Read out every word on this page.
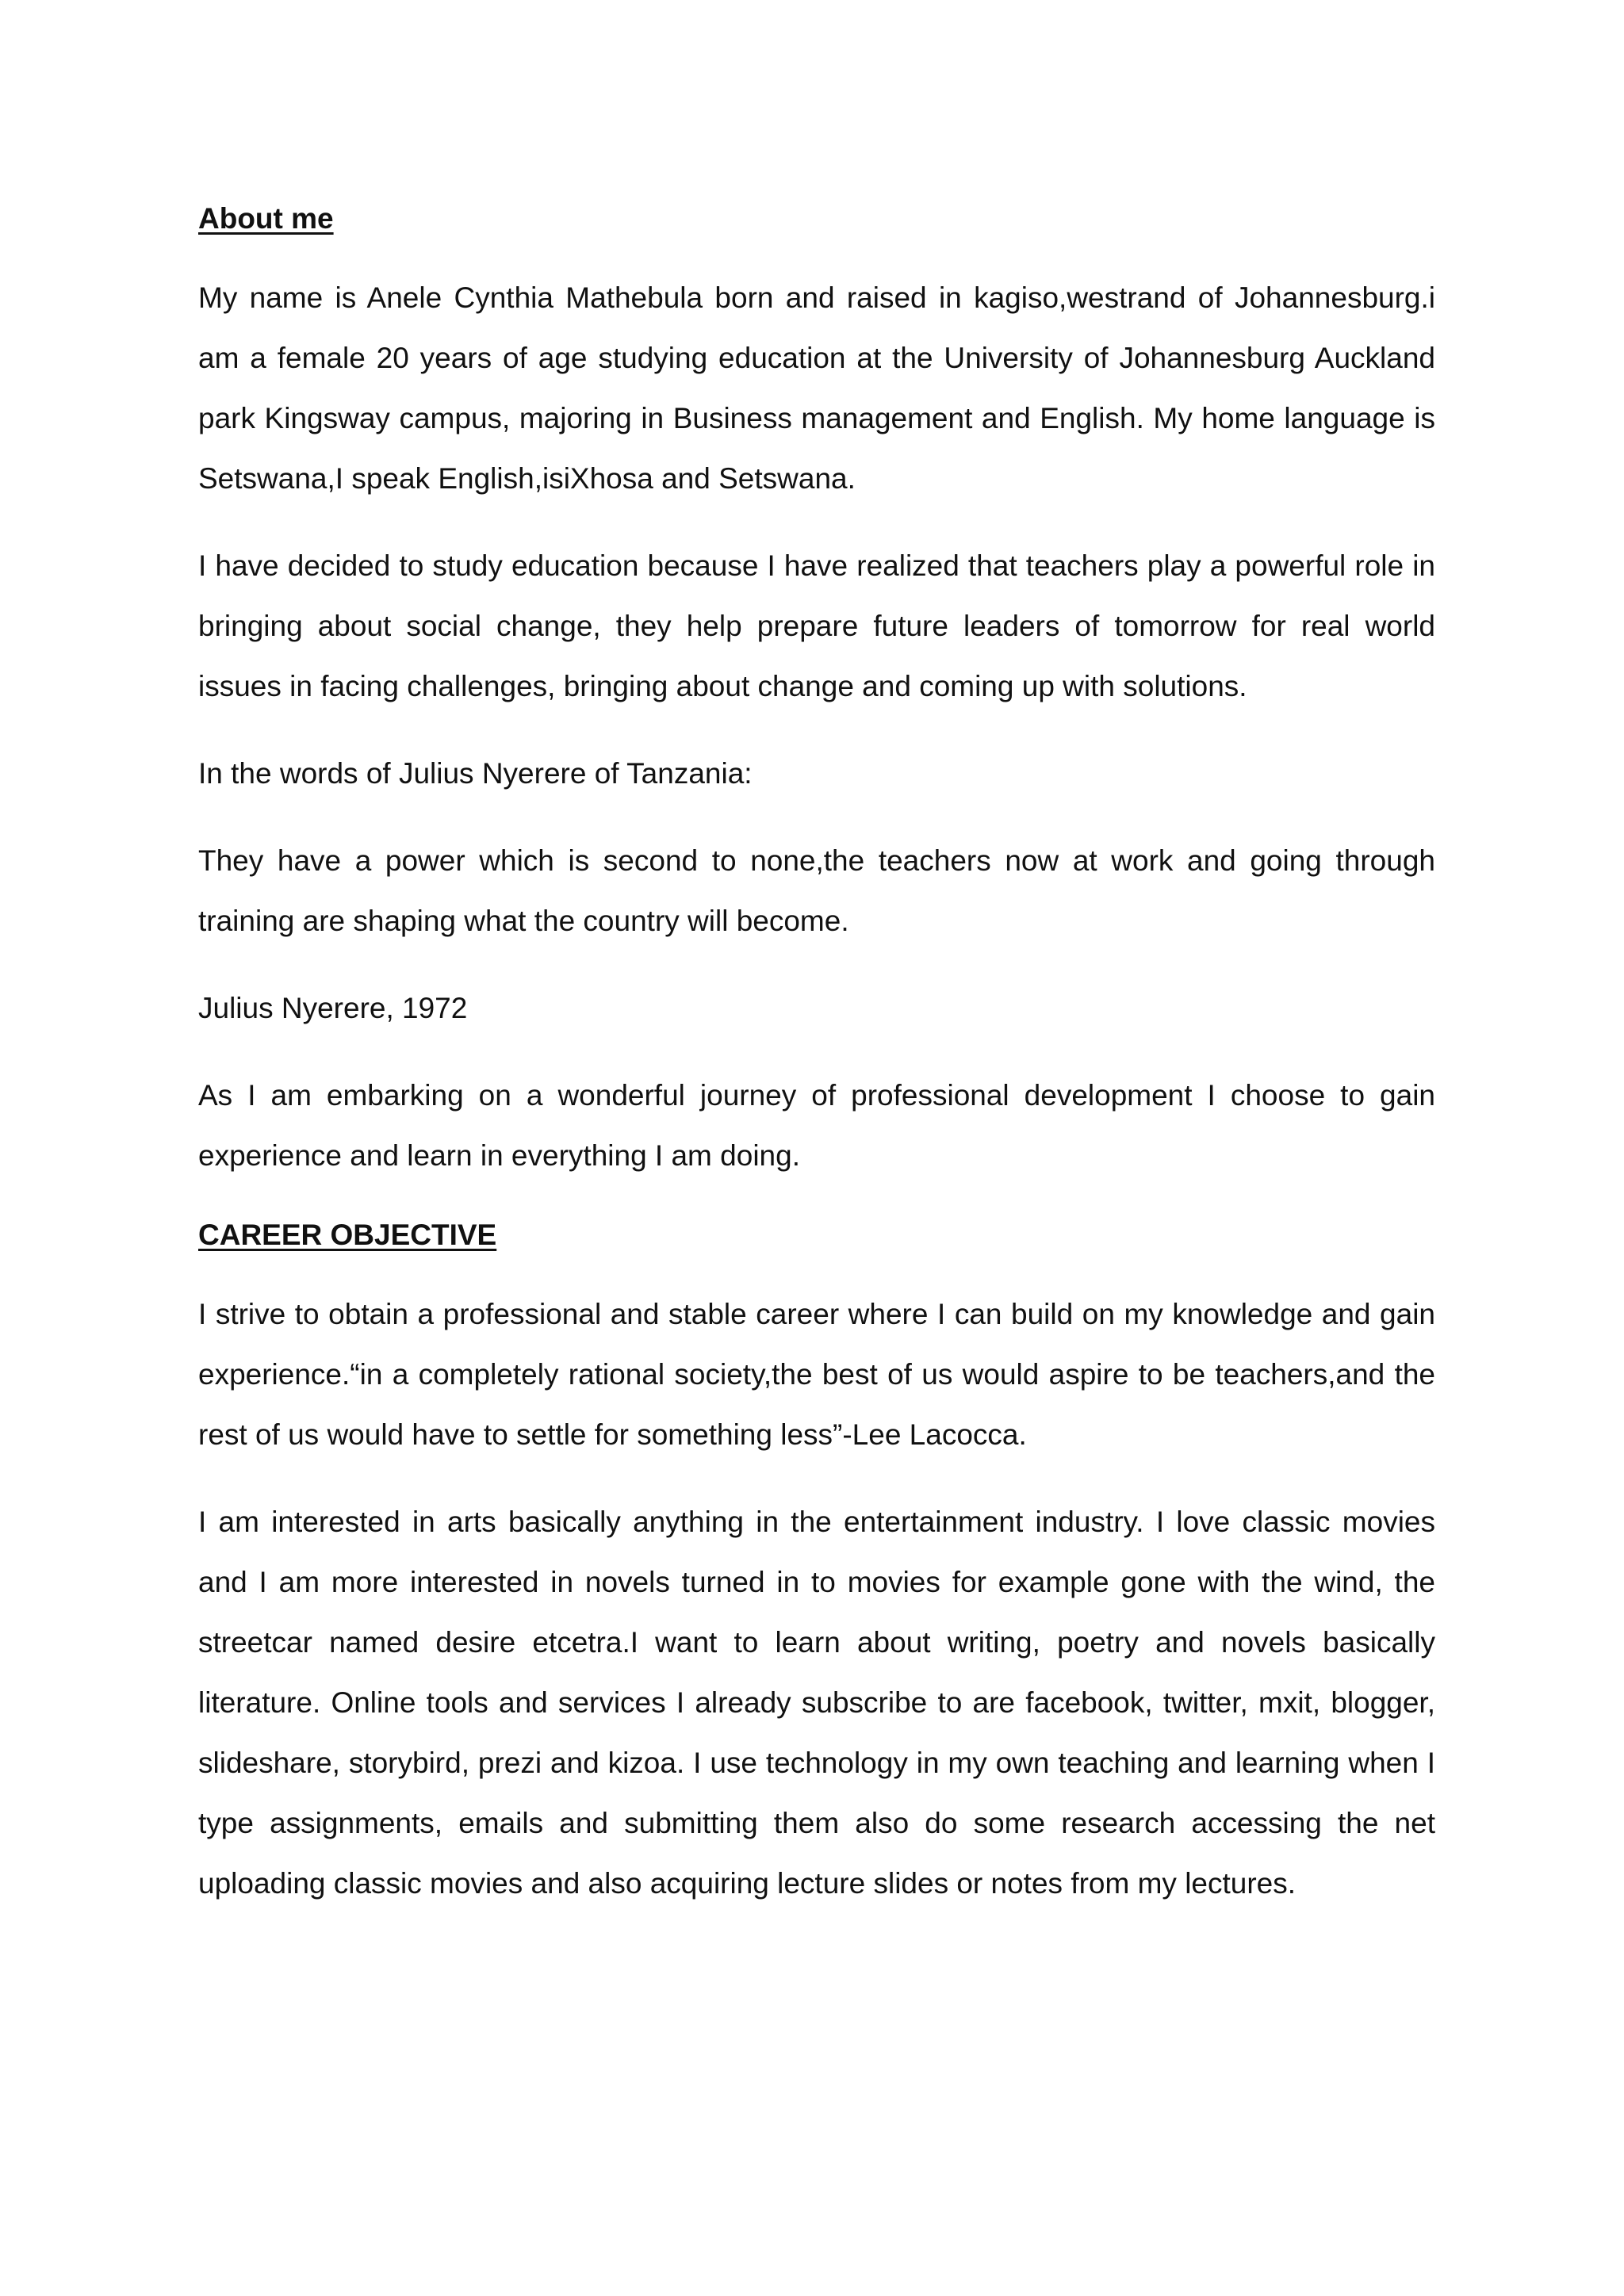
About me

My name is Anele Cynthia Mathebula born and raised in kagiso,westrand of Johannesburg.i am a female 20 years of age studying education at the University of Johannesburg Auckland park Kingsway campus, majoring in Business management and English. My home language is Setswana,I speak English,isiXhosa and Setswana.

I have decided to study education because I have realized that teachers play a powerful role in bringing about social change, they help prepare future leaders of tomorrow for real world issues in facing challenges, bringing about change and coming up with solutions.

In the words of Julius Nyerere of Tanzania:

They have a power which is second to none,the teachers now at work and going through training are shaping what the country will become.

Julius Nyerere, 1972

As I am embarking on a wonderful journey of professional development I choose to gain experience and learn in everything I am doing.

CAREER OBJECTIVE

I strive to obtain a professional and stable career where I can build on my knowledge and gain experience.“in a completely rational society,the best of us would aspire to be teachers,and the rest of us would have to settle for something less”-Lee Lacocca.

I am interested in arts basically anything in the entertainment industry. I love classic movies and I am more interested in novels turned in to movies for example gone with the wind, the streetcar named desire etcetra.I want to learn about writing, poetry and novels basically literature. Online tools and services I already subscribe to are facebook, twitter, mxit, blogger, slideshare, storybird, prezi and kizoa. I use technology in my own teaching and learning when I type assignments, emails and submitting them also do some research accessing the net uploading classic movies and also acquiring lecture slides or notes from my lectures.
